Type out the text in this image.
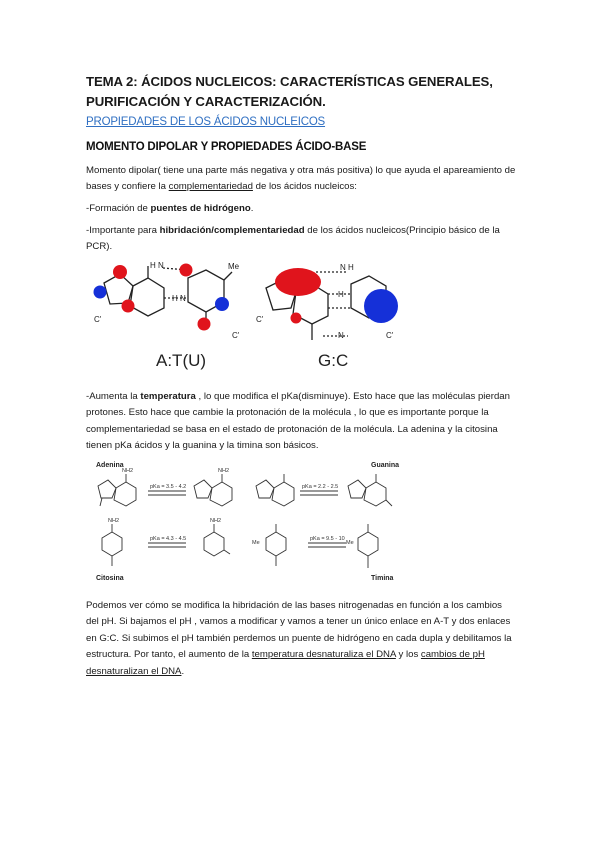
TEMA 2: ÁCIDOS NUCLEICOS: CARACTERÍSTICAS GENERALES, PURIFICACIÓN Y CARACTERIZACIÓN.
PROPIEDADES DE LOS ÁCIDOS NUCLEICOS
MOMENTO DIPOLAR Y PROPIEDADES ÁCIDO-BASE
Momento dipolar( tiene una parte más negativa y otra más positiva) lo que ayuda el apareamiento de bases y confiere la complementariedad de los ácidos nucleicos:
-Formación de puentes de hidrógeno.
-Importante para hibridación/complementariedad de los ácidos nucleicos(Principio básico de la PCR).
H N
H N
Me
C'
C'
N H
H
N
C'
C'
A:T(U)	G:C
-Aumenta la temperatura , lo que modifica el pKa(disminuye). Esto hace que las moléculas pierdan protones. Esto hace que cambie la protonación de la molécula , lo que es importante porque la complementariedad se basa en el estado de protonación de la molécula. La adenina y la citosina tienen pKa ácidos y la guanina y la timina son básicos.
Adenina	Guanina
Citosina	Timina
pKa = 3.5 - 4.2	pKa = 2.2 - 2.5
pKa = 4.3 - 4.5	pKa = 9.5 - 10
NH2	NH2
NH2	NH2
Me	Me
Podemos ver cómo se modifica la hibridación de las bases nitrogenadas en función a los cambios del pH. Si bajamos el pH , vamos a modificar y vamos a tener un único enlace en A-T y dos enlaces en G:C. Si subimos el pH también perdemos un puente de hidrógeno en cada dupla y debilitamos la estructura. Por tanto, el aumento de la temperatura desnaturaliza el DNA y los cambios de pH desnaturalizan el DNA.
